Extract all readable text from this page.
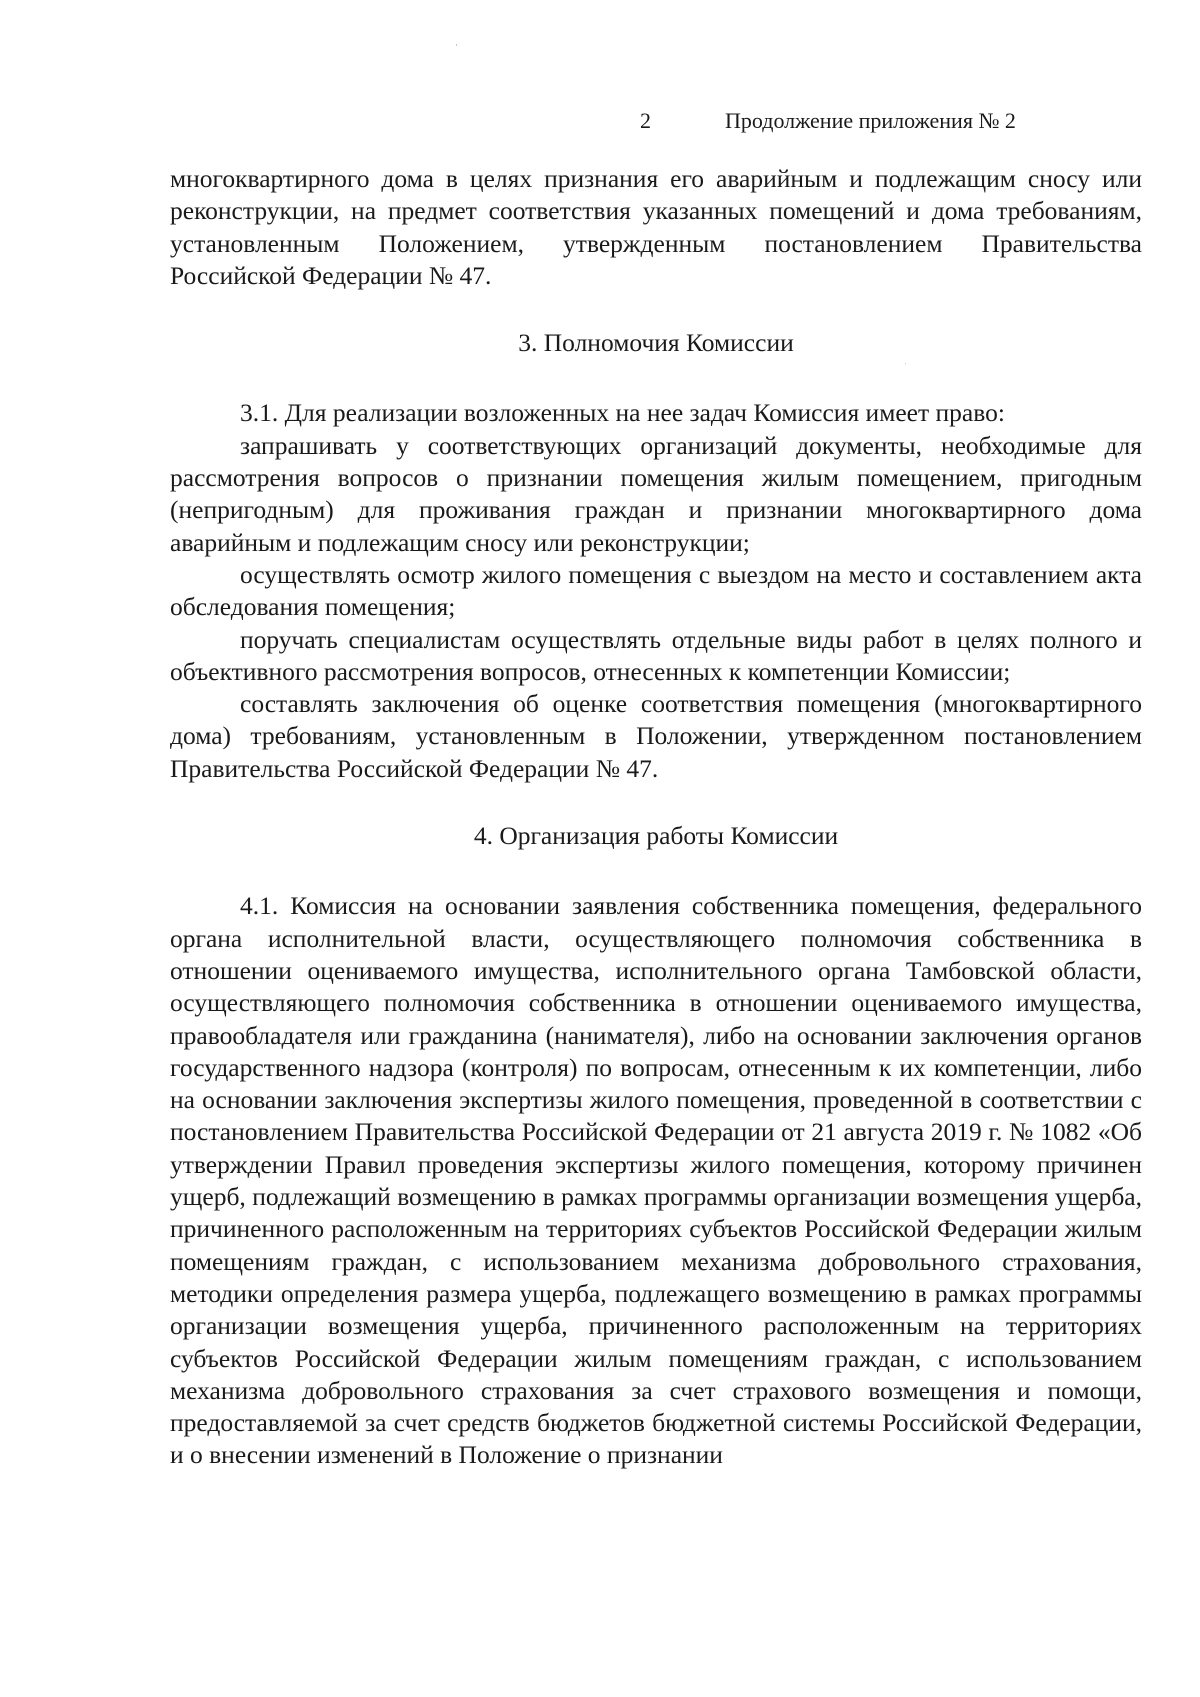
2	Продолжение приложения № 2

многоквартирного дома в целях признания его аварийным и подлежащим сносу или реконструкции, на предмет соответствия указанных помещений и дома требованиям, установленным Положением, утвержденным постановлением Правительства Российской Федерации № 47.

3. Полномочия Комиссии

3.1. Для реализации возложенных на нее задач Комиссия имеет право:

запрашивать у соответствующих организаций документы, необходимые для рассмотрения вопросов о признании помещения жилым помещением, пригодным (непригодным) для проживания граждан и признании многоквартирного дома аварийным и подлежащим сносу или реконструкции;

осуществлять осмотр жилого помещения с выездом на место и составлением акта обследования помещения;

поручать специалистам осуществлять отдельные виды работ в целях полного и объективного рассмотрения вопросов, отнесенных к компетенции Комиссии;

составлять заключения об оценке соответствия помещения (многоквартирного дома) требованиям, установленным в Положении, утвержденном постановлением Правительства Российской Федерации № 47.

4. Организация работы Комиссии

4.1. Комиссия на основании заявления собственника помещения, федерального органа исполнительной власти, осуществляющего полномочия собственника в отношении оцениваемого имущества, исполнительного органа Тамбовской области, осуществляющего полномочия собственника в отношении оцениваемого имущества, правообладателя или гражданина (нанимателя), либо на основании заключения органов государственного надзора (контроля) по вопросам, отнесенным к их компетенции, либо на основании заключения экспертизы жилого помещения, проведенной в соответствии с постановлением Правительства Российской Федерации от 21 августа 2019 г. № 1082 «Об утверждении Правил проведения экспертизы жилого помещения, которому причинен ущерб, подлежащий возмещению в рамках программы организации возмещения ущерба, причиненного расположенным на территориях субъектов Российской Федерации жилым помещениям граждан, с использованием механизма добровольного страхования, методики определения размера ущерба, подлежащего возмещению в рамках программы организации возмещения ущерба, причиненного расположенным на территориях субъектов Российской Федерации жилым помещениям граждан, с использованием механизма добровольного страхования за счет страхового возмещения и помощи, предоставляемой за счет средств бюджетов бюджетной системы Российской Федерации, и о внесении изменений в Положение о признании
